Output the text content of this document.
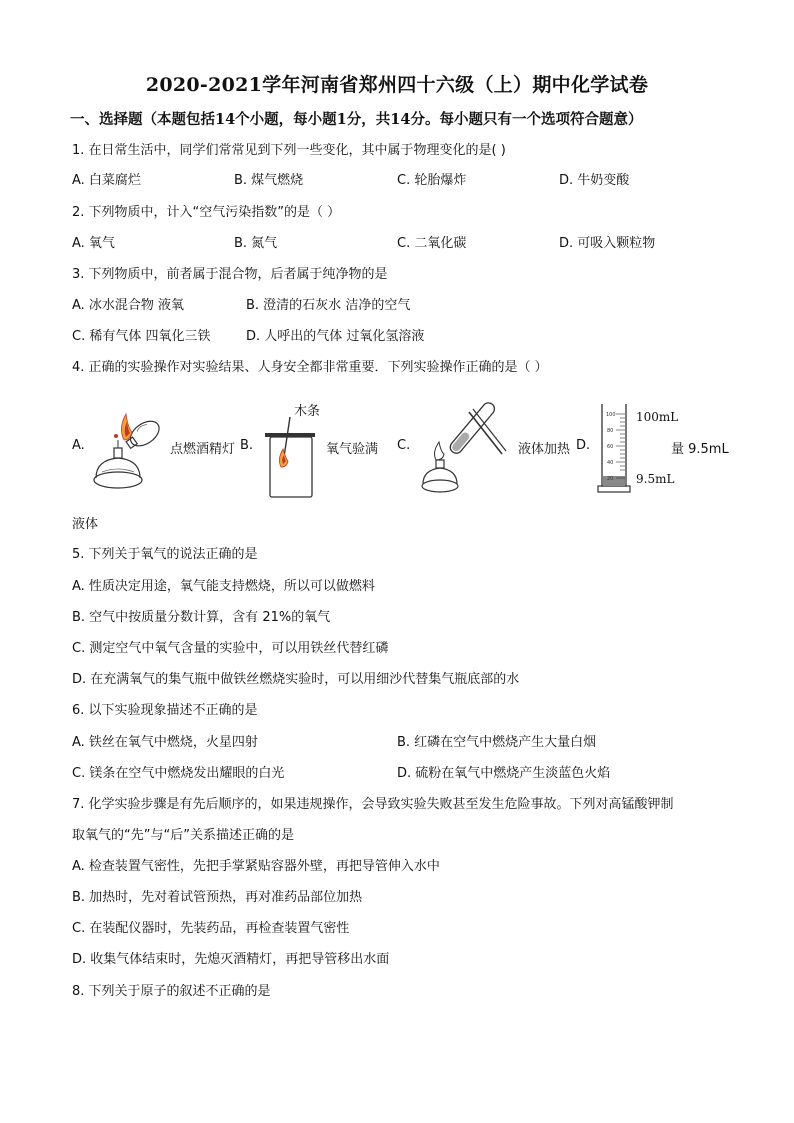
2020-2021学年河南省郑州四十六级（上）期中化学试卷
一、选择题（本题包括14个小题，每小题1分，共14分。每小题只有一个选项符合题意）
1. 在日常生活中，同学们常常见到下列一些变化，其中属于物理变化的是( )
A. 白菜腐烂	B. 煤气燃烧	C. 轮胎爆炸	D. 牛奶变酸
2. 下列物质中，计入“空气污染指数”的是（ ）
A. 氧气	B. 氮气	C. 二氧化碳	D. 可吸入颗粒物
3. 下列物质中，前者属于混合物，后者属于纯净物的是
A. 冰水混合物 液氧	B. 澄清的石灰水 洁净的空气
C. 稀有气体 四氧化三铁	D. 人呼出的气体 过氧化氢溶液
4. 正确的实验操作对实验结果、人身安全都非常重要．下列实验操作正确的是（ ）
A.	点燃酒精灯 B.
木条
氧气验满 C.	液体加热 D.
100
80
60
40
20
100mL
9.5mL
量 9.5mL
液体
5. 下列关于氧气的说法正确的是
A. 性质决定用途，氧气能支持燃烧，所以可以做燃料
B. 空气中按质量分数计算，含有 21%的氧气
C. 测定空气中氧气含量的实验中，可以用铁丝代替红磷
D. 在充满氧气的集气瓶中做铁丝燃烧实验时，可以用细沙代替集气瓶底部的水
6. 以下实验现象描述不正确的是
A. 铁丝在氧气中燃烧，火星四射	B. 红磷在空气中燃烧产生大量白烟
C. 镁条在空气中燃烧发出耀眼的白光	D. 硫粉在氧气中燃烧产生淡蓝色火焰
7. 化学实验步骤是有先后顺序的，如果违规操作，会导致实验失败甚至发生危险事故。下列对高锰酸钾制
取氧气的“先”与“后”关系描述正确的是
A. 检查装置气密性，先把手掌紧贴容器外壁，再把导管伸入水中
B. 加热时，先对着试管预热，再对准药品部位加热
C. 在装配仪器时，先装药品，再检查装置气密性
D. 收集气体结束时，先熄灭酒精灯，再把导管移出水面
8. 下列关于原子的叙述不正确的是
